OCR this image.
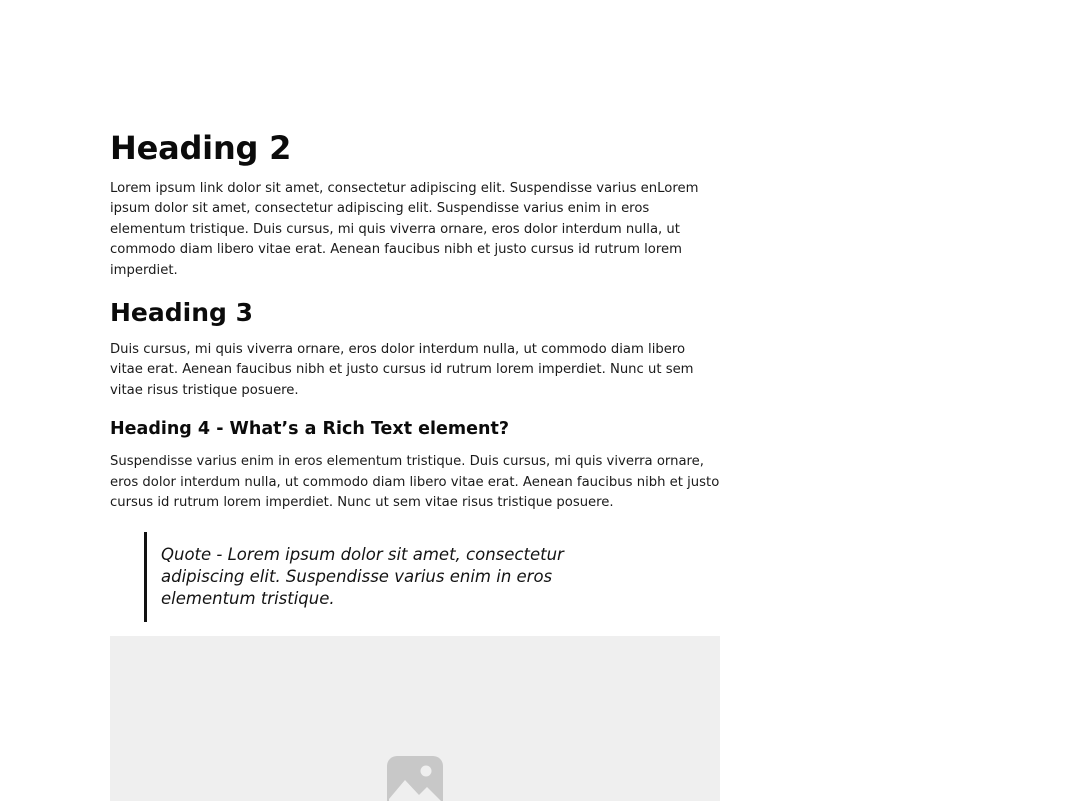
Heading 2

Lorem ipsum link dolor sit amet, consectetur adipiscing elit. Suspendisse varius enLorem ipsum dolor sit amet, consectetur adipiscing elit. Suspendisse varius enim in eros elementum tristique. Duis cursus, mi quis viverra ornare, eros dolor interdum nulla, ut commodo diam libero vitae erat. Aenean faucibus nibh et justo cursus id rutrum lorem imperdiet.

Heading 3

Duis cursus, mi quis viverra ornare, eros dolor interdum nulla, ut commodo diam libero vitae erat. Aenean faucibus nibh et justo cursus id rutrum lorem imperdiet. Nunc ut sem vitae risus tristique posuere.

Heading 4 - What’s a Rich Text element?

Suspendisse varius enim in eros elementum tristique. Duis cursus, mi quis viverra ornare, eros dolor interdum nulla, ut commodo diam libero vitae erat. Aenean faucibus nibh et justo cursus id rutrum lorem imperdiet. Nunc ut sem vitae risus tristique posuere.

Quote - Lorem ipsum dolor sit amet, consectetur adipiscing elit. Suspendisse varius enim in eros elementum tristique.
